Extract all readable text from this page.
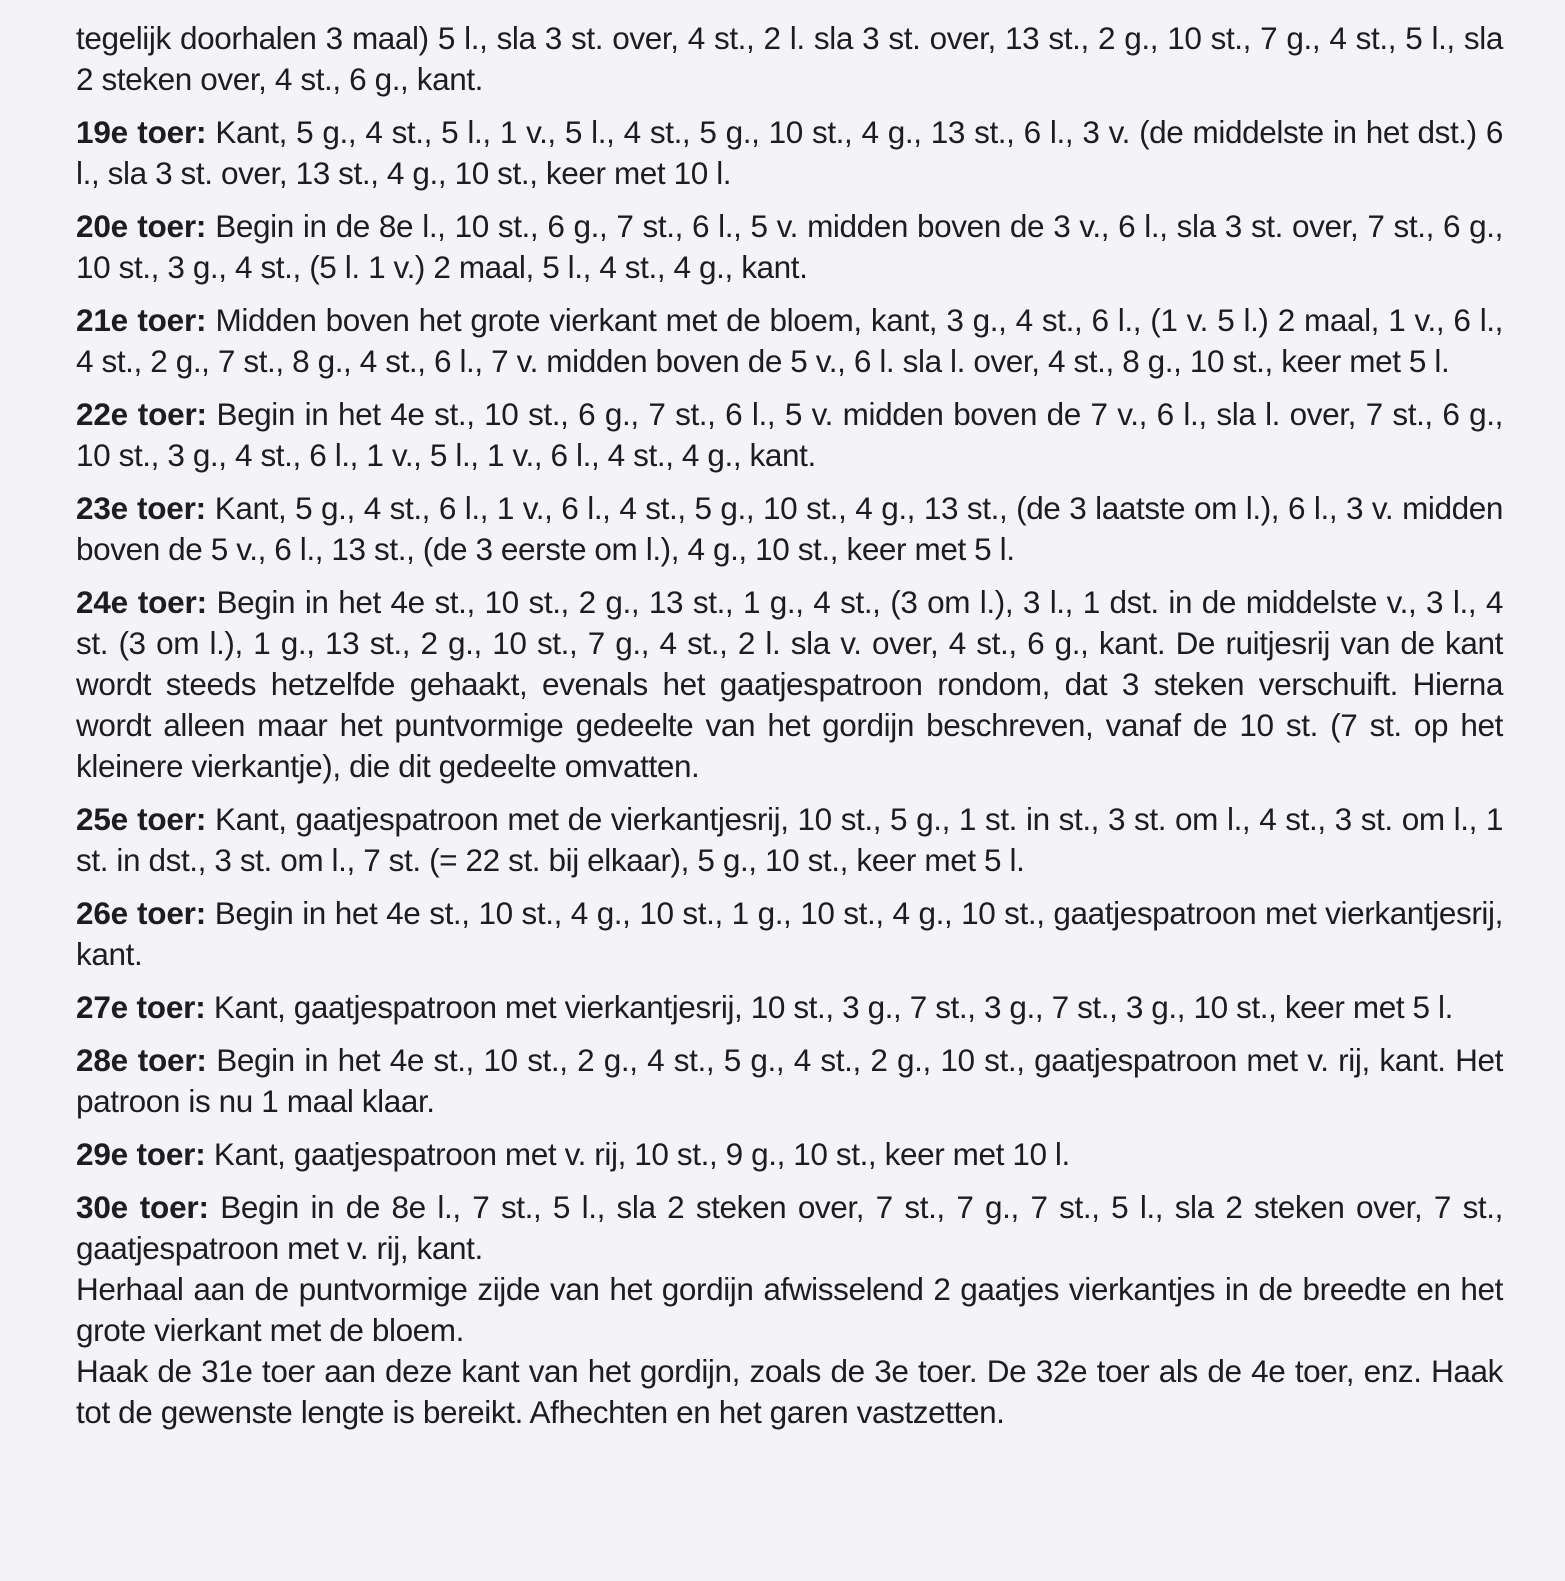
tegelijk doorhalen 3 maal) 5 l., sla 3 st. over, 4 st., 2 l. sla 3 st. over, 13 st., 2 g., 10 st., 7 g., 4 st., 5 l., sla 2 steken over, 4 st., 6 g., kant.

19e toer: Kant, 5 g., 4 st., 5 l., 1 v., 5 l., 4 st., 5 g., 10 st., 4 g., 13 st., 6 l., 3 v. (de middelste in het dst.) 6 l., sla 3 st. over, 13 st., 4 g., 10 st., keer met 10 l.

20e toer: Begin in de 8e l., 10 st., 6 g., 7 st., 6 l., 5 v. midden boven de 3 v., 6 l., sla 3 st. over, 7 st., 6 g., 10 st., 3 g., 4 st., (5 l. 1 v.) 2 maal, 5 l., 4 st., 4 g., kant.

21e toer: Midden boven het grote vierkant met de bloem, kant, 3 g., 4 st., 6 l., (1 v. 5 l.) 2 maal, 1 v., 6 l., 4 st., 2 g., 7 st., 8 g., 4 st., 6 l., 7 v. midden boven de 5 v., 6 l. sla l. over, 4 st., 8 g., 10 st., keer met 5 l.

22e toer: Begin in het 4e st., 10 st., 6 g., 7 st., 6 l., 5 v. midden boven de 7 v., 6 l., sla l. over, 7 st., 6 g., 10 st., 3 g., 4 st., 6 l., 1 v., 5 l., 1 v., 6 l., 4 st., 4 g., kant.

23e toer: Kant, 5 g., 4 st., 6 l., 1 v., 6 l., 4 st., 5 g., 10 st., 4 g., 13 st., (de 3 laatste om l.), 6 l., 3 v. midden boven de 5 v., 6 l., 13 st., (de 3 eerste om l.), 4 g., 10 st., keer met 5 l.

24e toer: Begin in het 4e st., 10 st., 2 g., 13 st., 1 g., 4 st., (3 om l.), 3 l., 1 dst. in de middelste v., 3 l., 4 st. (3 om l.), 1 g., 13 st., 2 g., 10 st., 7 g., 4 st., 2 l. sla v. over, 4 st., 6 g., kant. De ruitjesrij van de kant wordt steeds hetzelfde gehaakt, evenals het gaatjespatroon rondom, dat 3 steken verschuift. Hierna wordt alleen maar het puntvormige gedeelte van het gordijn beschreven, vanaf de 10 st. (7 st. op het kleinere vierkantje), die dit gedeelte omvatten.

25e toer: Kant, gaatjespatroon met de vierkantjesrij, 10 st., 5 g., 1 st. in st., 3 st. om l., 4 st., 3 st. om l., 1 st. in dst., 3 st. om l., 7 st. (= 22 st. bij elkaar), 5 g., 10 st., keer met 5 l.

26e toer: Begin in het 4e st., 10 st., 4 g., 10 st., 1 g., 10 st., 4 g., 10 st., gaatjespatroon met vierkantjesrij, kant.

27e toer: Kant, gaatjespatroon met vierkantjesrij, 10 st., 3 g., 7 st., 3 g., 7 st., 3 g., 10 st., keer met 5 l.

28e toer: Begin in het 4e st., 10 st., 2 g., 4 st., 5 g., 4 st., 2 g., 10 st., gaatjespatroon met v. rij, kant. Het patroon is nu 1 maal klaar.

29e toer: Kant, gaatjespatroon met v. rij, 10 st., 9 g., 10 st., keer met 10 l.

30e toer: Begin in de 8e l., 7 st., 5 l., sla 2 steken over, 7 st., 7 g., 7 st., 5 l., sla 2 steken over, 7 st., gaatjespatroon met v. rij, kant.

Herhaal aan de puntvormige zijde van het gordijn afwisselend 2 gaatjes vierkantjes in de breedte en het grote vierkant met de bloem.

Haak de 31e toer aan deze kant van het gordijn, zoals de 3e toer. De 32e toer als de 4e toer, enz. Haak tot de gewenste lengte is bereikt. Afhechten en het garen vastzetten.
